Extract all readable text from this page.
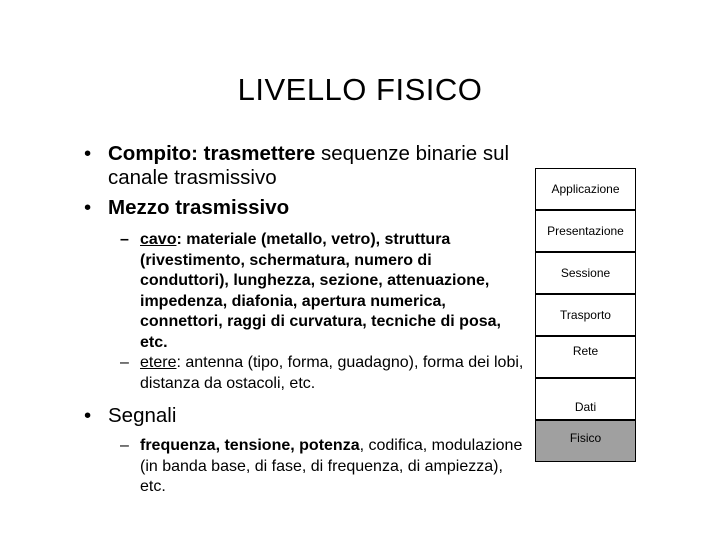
LIVELLO FISICO
• Compito: trasmettere sequenze binarie sul canale trasmissivo
• Mezzo trasmissivo
– cavo: materiale (metallo, vetro), struttura (rivestimento, schermatura, numero di conduttori), lunghezza, sezione, attenuazione, impedenza, diafonia, apertura numerica, connettori, raggi di curvatura, tecniche di posa, etc.
– etere: antenna (tipo, forma, guadagno), forma dei lobi, distanza da ostacoli, etc.
• Segnali
– frequenza, tensione, potenza, codifica, modulazione (in banda base, di fase, di frequenza, di ampiezza), etc.
Applicazione
Presentazione
Sessione
Trasporto
Rete
Dati
Fisico
